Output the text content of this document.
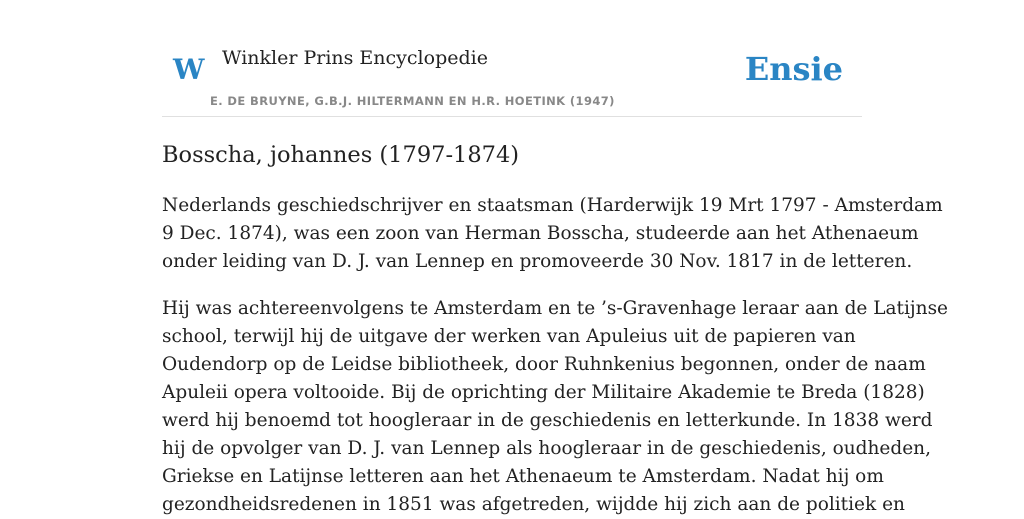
W Winkler Prins Encyclopedie
E. DE BRUYNE, G.B.J. HILTERMANN EN H.R. HOETINK (1947)
Ensie
Bosscha, johannes (1797-1874)

Nederlands geschiedschrijver en staatsman (Harderwijk 19 Mrt 1797 - Amsterdam
9 Dec. 1874), was een zoon van Herman Bosscha, studeerde aan het Athenaeum
onder leiding van D. J. van Lennep en promoveerde 30 Nov. 1817 in de letteren.

Hij was achtereenvolgens te Amsterdam en te ’s-Gravenhage leraar aan de Latijnse
school, terwijl hij de uitgave der werken van Apuleius uit de papieren van
Oudendorp op de Leidse bibliotheek, door Ruhnkenius begonnen, onder de naam
Apuleii opera voltooide. Bij de oprichting der Militaire Akademie te Breda (1828)
werd hij benoemd tot hoogleraar in de geschiedenis en letterkunde. In 1838 werd
hij de opvolger van D. J. van Lennep als hoogleraar in de geschiedenis, oudheden,
Griekse en Latijnse letteren aan het Athenaeum te Amsterdam. Nadat hij om
gezondheidsredenen in 1851 was afgetreden, wijdde hij zich aan de politiek en
